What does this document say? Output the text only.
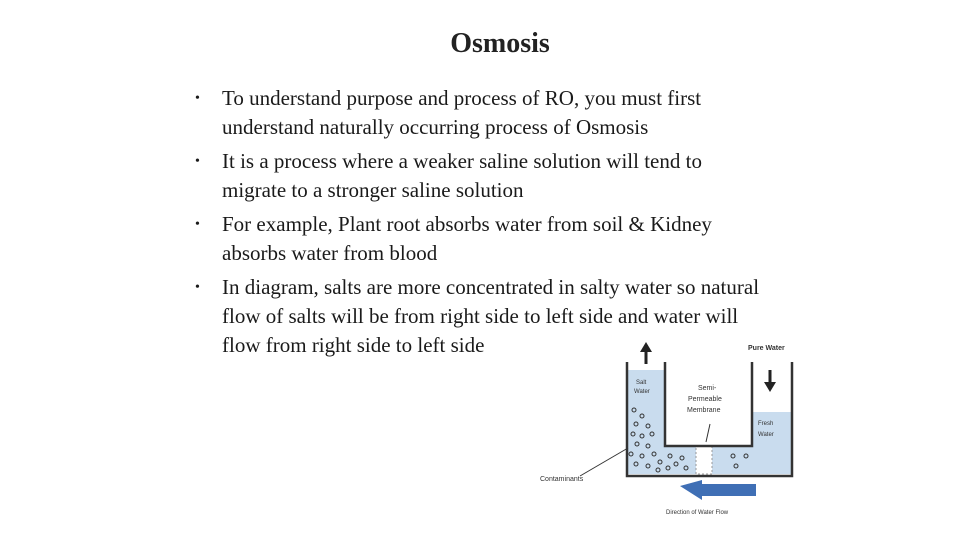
Osmosis
• To understand purpose and process of RO, you must first
understand naturally occurring process of Osmosis
• It is a process where a weaker saline solution will tend to
migrate to a stronger saline solution
• For example, Plant root absorbs water from soil & Kidney
absorbs water from blood
• In diagram, salts are more concentrated in salty water so natural
flow of salts will be from right side to left side and water will
flow from right side to left side	Pure Water
Salt
Water	Semi-
Permeable
Membrane
Fresh
Water
Contaminants
Direction of Water Flow
